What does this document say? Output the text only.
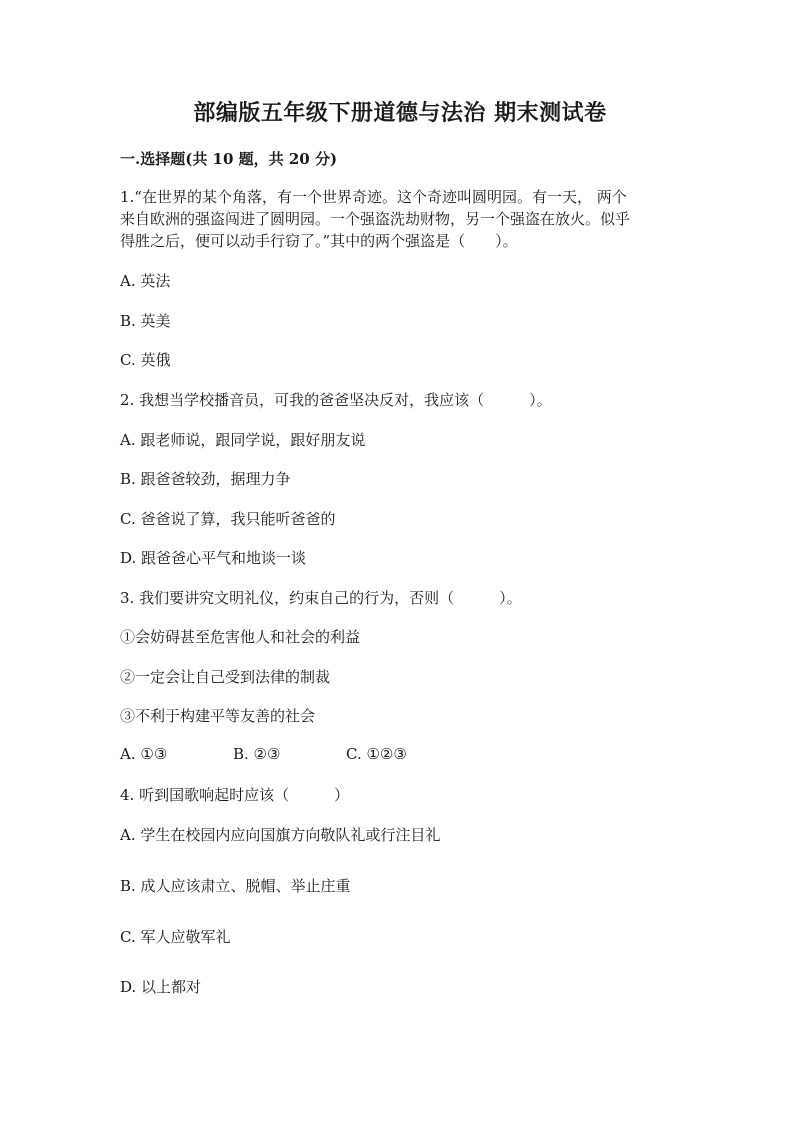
部编版五年级下册道德与法治 期末测试卷
一.选择题(共 10 题，共 20 分)
1.“在世界的某个角落，有一个世界奇迹。这个奇迹叫圆明园。有一天， 两个
来自欧洲的强盗闯进了圆明园。一个强盗洗劫财物，另一个强盗在放火。似乎
得胜之后，便可以动手行窃了。”其中的两个强盗是（　　）。
A. 英法
B. 英美
C. 英俄
2. 我想当学校播音员，可我的爸爸坚决反对，我应该（　　　）。
A. 跟老师说，跟同学说，跟好朋友说
B. 跟爸爸较劲，据理力争
C. 爸爸说了算，我只能听爸爸的
D. 跟爸爸心平气和地谈一谈
3. 我们要讲究文明礼仪，约束自己的行为，否则（　　　）。
①会妨碍甚至危害他人和社会的利益
②一定会让自己受到法律的制裁
③不利于构建平等友善的社会
A. ①③	B. ②③	C. ①②③
4. 听到国歌响起时应该（　　　）
A. 学生在校园内应向国旗方向敬队礼或行注目礼
B. 成人应该肃立、脱帽、举止庄重
C. 军人应敬军礼
D. 以上都对
